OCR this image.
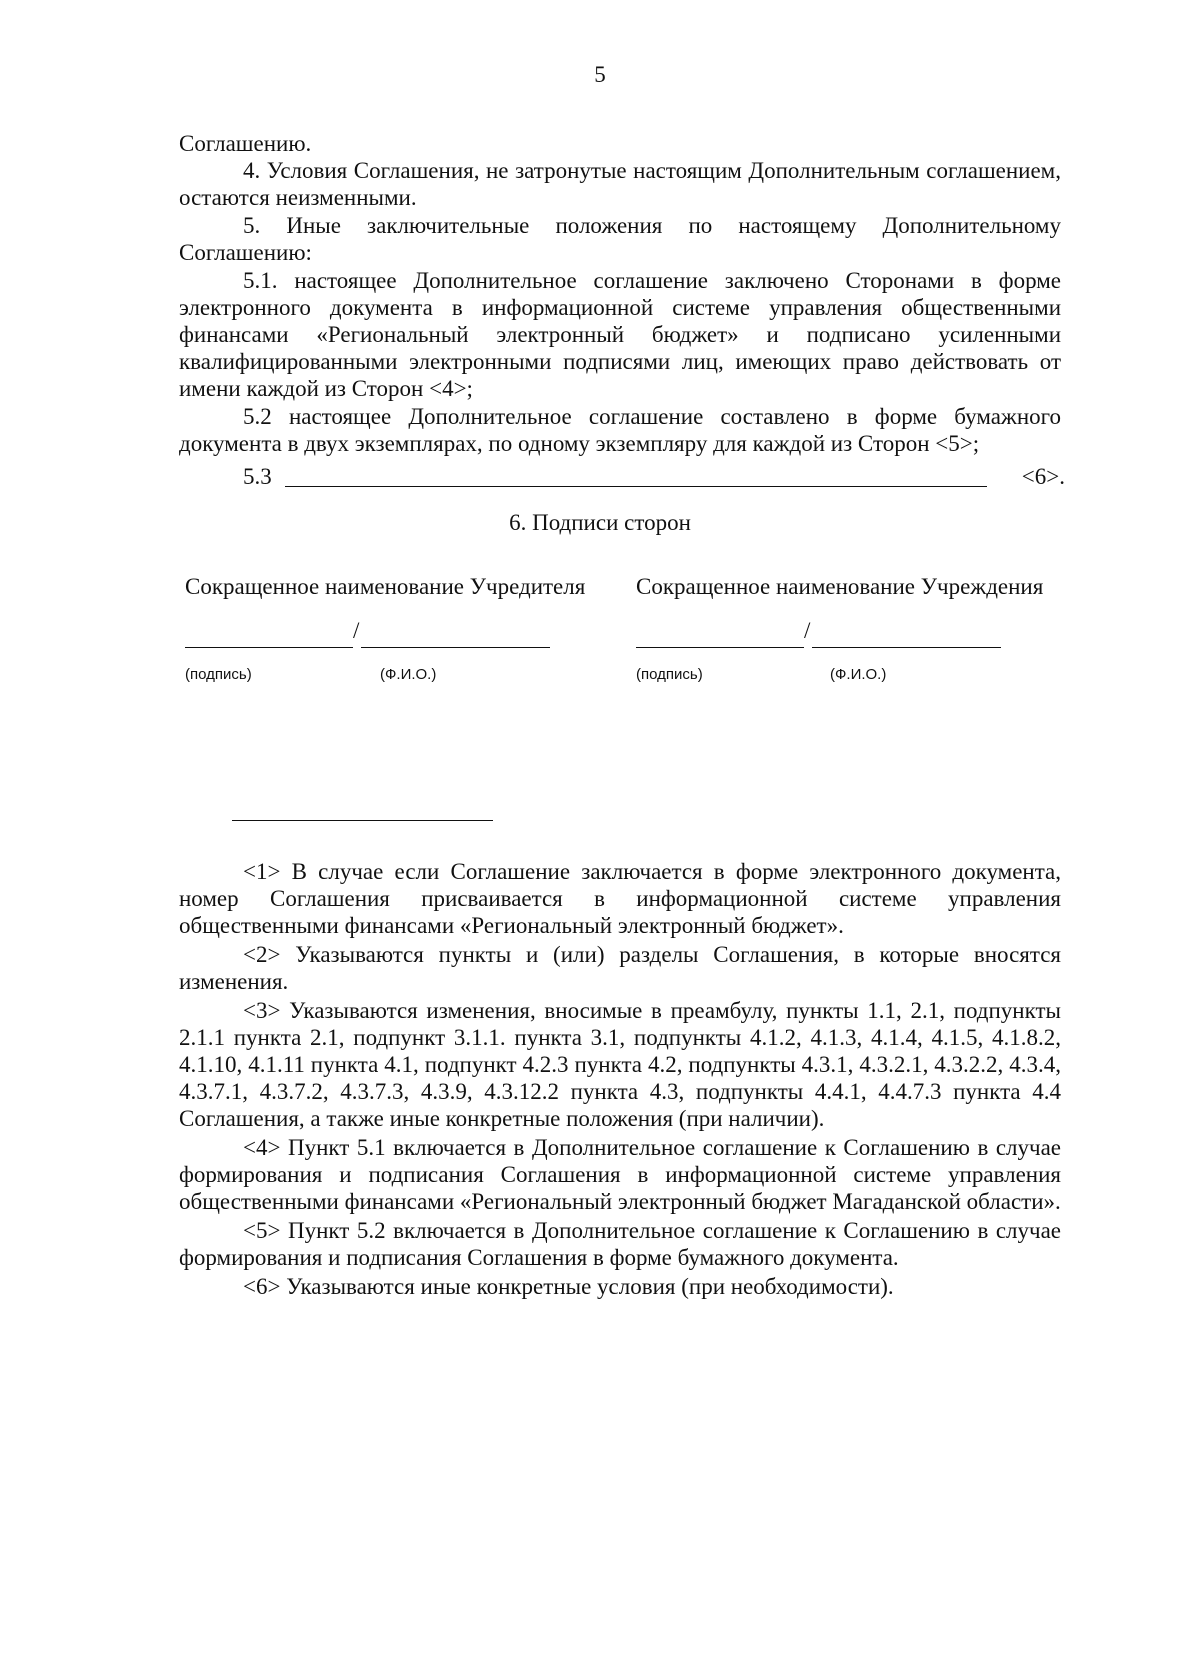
5

Соглашению.

4. Условия Соглашения, не затронутые настоящим Дополнительным соглашением, остаются неизменными.

5. Иные заключительные положения по настоящему Дополнительному Соглашению:

5.1. настоящее Дополнительное соглашение заключено Сторонами в форме электронного документа в информационной системе управления общественными финансами «Региональный электронный бюджет» и подписано усиленными квалифицированными электронными подписями лиц, имеющих право действовать от имени каждой из Сторон <4>;

5.2 настоящее Дополнительное соглашение составлено в форме бумажного документа в двух экземплярах, по одному экземпляру для каждой из Сторон <5>;

5.3	<6>.
6. Подписи сторон
Сокращенное наименование Учредителя Сокращенное наименование Учреждения
/	/
(подпись)	(Ф.И.О.)	(подпись)	(Ф.И.О.)

<1> В случае если Соглашение заключается в форме электронного документа, номер Соглашения присваивается в информационной системе управления общественными финансами «Региональный электронный бюджет».

<2> Указываются пункты и (или) разделы Соглашения, в которые вносятся изменения.

<3> Указываются изменения, вносимые в преамбулу, пункты 1.1, 2.1, подпункты 2.1.1 пункта 2.1, подпункт 3.1.1. пункта 3.1, подпункты 4.1.2, 4.1.3, 4.1.4, 4.1.5, 4.1.8.2, 4.1.10, 4.1.11 пункта 4.1, подпункт 4.2.3 пункта 4.2, подпункты 4.3.1, 4.3.2.1, 4.3.2.2, 4.3.4, 4.3.7.1, 4.3.7.2, 4.3.7.3, 4.3.9, 4.3.12.2 пункта 4.3, подпункты 4.4.1, 4.4.7.3 пункта 4.4 Соглашения, а также иные конкретные положения (при наличии).

<4> Пункт 5.1 включается в Дополнительное соглашение к Соглашению в случае формирования и подписания Соглашения в информационной системе управления общественными финансами «Региональный электронный бюджет Магаданской области».

<5> Пункт 5.2 включается в Дополнительное соглашение к Соглашению в случае формирования и подписания Соглашения в форме бумажного документа.

<6> Указываются иные конкретные условия (при необходимости).
